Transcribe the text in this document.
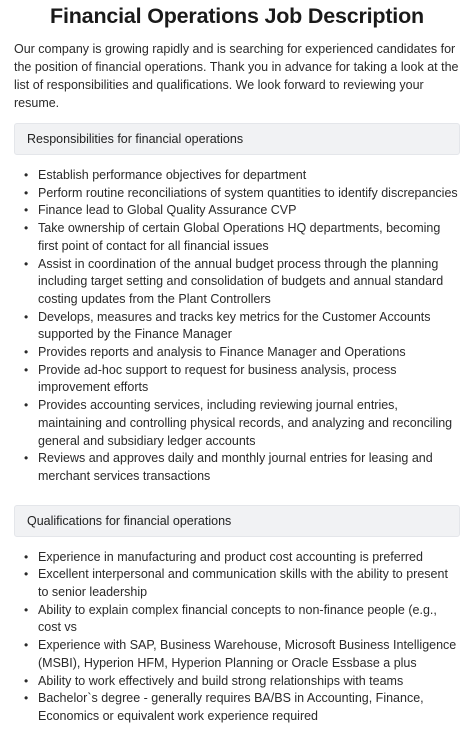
Financial Operations Job Description

Our company is growing rapidly and is searching for experienced candidates for the position of financial operations. Thank you in advance for taking a look at the list of responsibilities and qualifications. We look forward to reviewing your resume.

Responsibilities for financial operations
• Establish performance objectives for department
• Perform routine reconciliations of system quantities to identify discrepancies
• Finance lead to Global Quality Assurance CVP
• Take ownership of certain Global Operations HQ departments, becoming first point of contact for all financial issues
• Assist in coordination of the annual budget process through the planning including target setting and consolidation of budgets and annual standard costing updates from the Plant Controllers
• Develops, measures and tracks key metrics for the Customer Accounts supported by the Finance Manager
• Provides reports and analysis to Finance Manager and Operations
• Provide ad-hoc support to request for business analysis, process improvement efforts
• Provides accounting services, including reviewing journal entries, maintaining and controlling physical records, and analyzing and reconciling general and subsidiary ledger accounts
• Reviews and approves daily and monthly journal entries for leasing and merchant services transactions
Qualifications for financial operations
• Experience in manufacturing and product cost accounting is preferred
• Excellent interpersonal and communication skills with the ability to present to senior leadership
• Ability to explain complex financial concepts to non-finance people (e.g., cost vs
• Experience with SAP, Business Warehouse, Microsoft Business Intelligence (MSBI), Hyperion HFM, Hyperion Planning or Oracle Essbase a plus
• Ability to work effectively and build strong relationships with teams
• Bachelor`s degree - generally requires BA/BS in Accounting, Finance, Economics or equivalent work experience required
